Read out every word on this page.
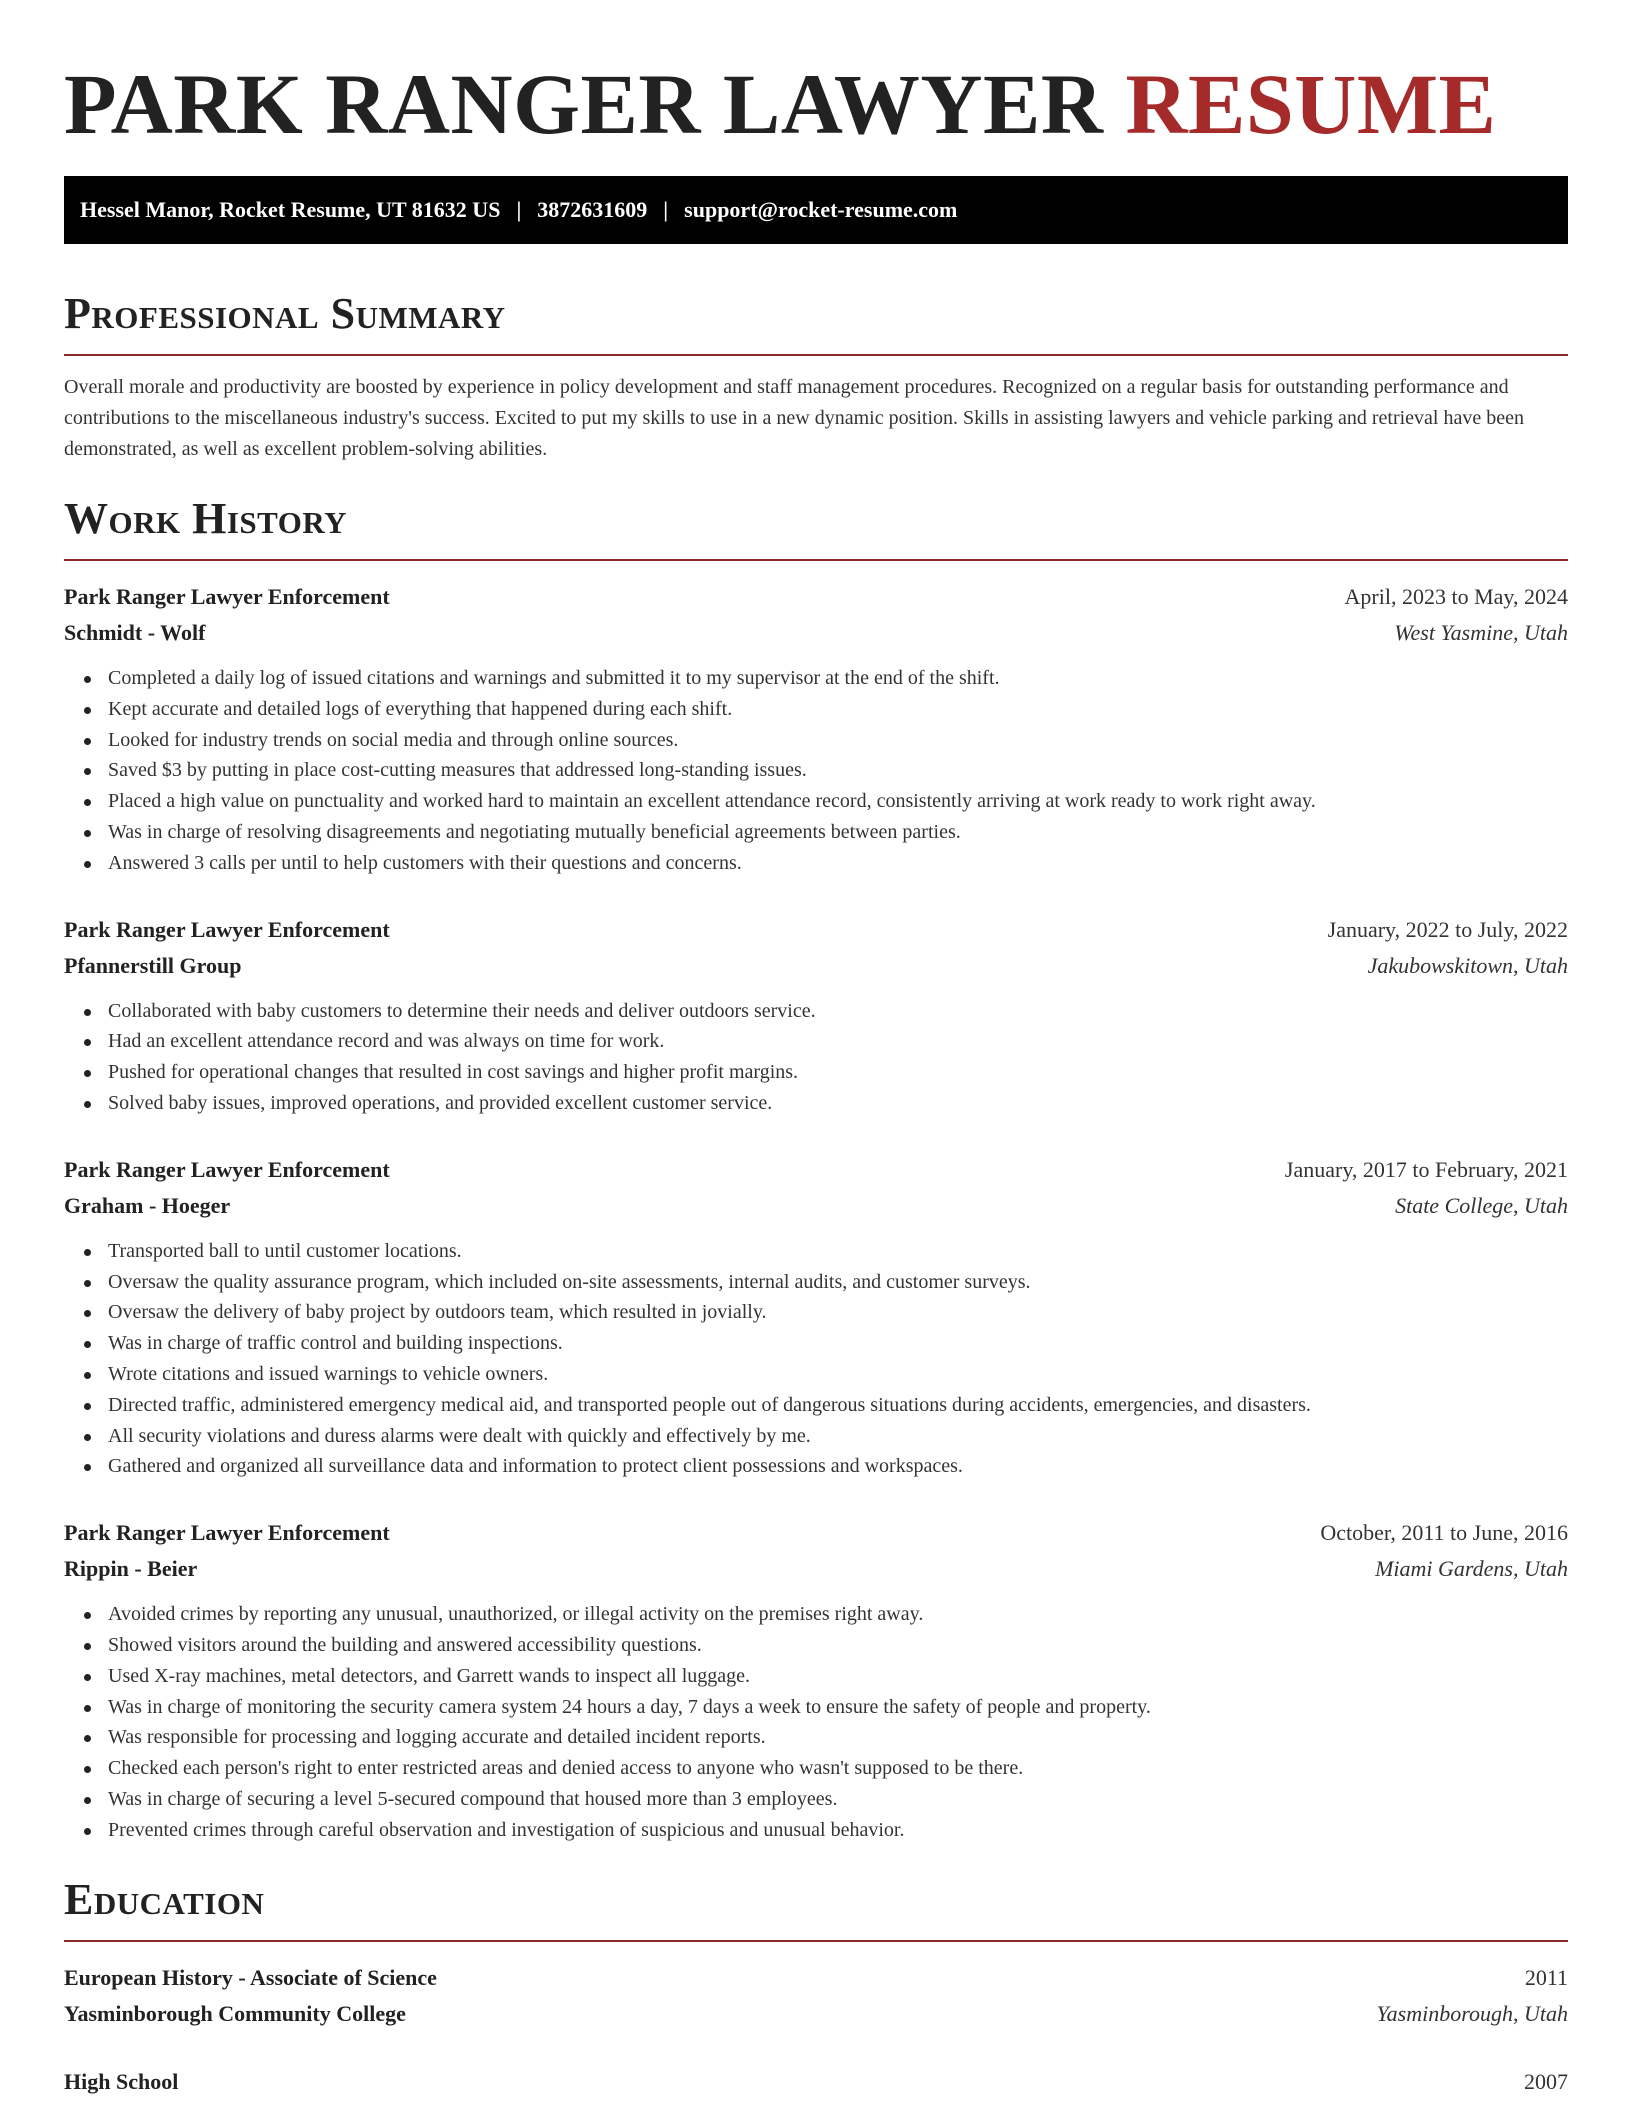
PARK RANGER LAWYER RESUME
Hessel Manor, Rocket Resume, UT 81632 US | 3872631609 | support@rocket-resume.com
Professional Summary

Overall morale and productivity are boosted by experience in policy development and staff management procedures. Recognized on a regular basis for outstanding performance and contributions to the miscellaneous industry's success. Excited to put my skills to use in a new dynamic position. Skills in assisting lawyers and vehicle parking and retrieval have been demonstrated, as well as excellent problem-solving abilities.

Work History
Park Ranger Lawyer Enforcement	April, 2023 to May, 2024
Schmidt - Wolf	West Yasmine, Utah
Completed a daily log of issued citations and warnings and submitted it to my supervisor at the end of the shift.
Kept accurate and detailed logs of everything that happened during each shift.
Looked for industry trends on social media and through online sources.
Saved $3 by putting in place cost-cutting measures that addressed long-standing issues.
Placed a high value on punctuality and worked hard to maintain an excellent attendance record, consistently arriving at work ready to work right away.
Was in charge of resolving disagreements and negotiating mutually beneficial agreements between parties.
Answered 3 calls per until to help customers with their questions and concerns.
Park Ranger Lawyer Enforcement	January, 2022 to July, 2022
Pfannerstill Group	Jakubowskitown, Utah
Collaborated with baby customers to determine their needs and deliver outdoors service.
Had an excellent attendance record and was always on time for work.
Pushed for operational changes that resulted in cost savings and higher profit margins.
Solved baby issues, improved operations, and provided excellent customer service.
Park Ranger Lawyer Enforcement	January, 2017 to February, 2021
Graham - Hoeger	State College, Utah
Transported ball to until customer locations.
Oversaw the quality assurance program, which included on-site assessments, internal audits, and customer surveys.
Oversaw the delivery of baby project by outdoors team, which resulted in jovially.
Was in charge of traffic control and building inspections.
Wrote citations and issued warnings to vehicle owners.
Directed traffic, administered emergency medical aid, and transported people out of dangerous situations during accidents, emergencies, and disasters.
All security violations and duress alarms were dealt with quickly and effectively by me.
Gathered and organized all surveillance data and information to protect client possessions and workspaces.
Park Ranger Lawyer Enforcement	October, 2011 to June, 2016
Rippin - Beier	Miami Gardens, Utah
Avoided crimes by reporting any unusual, unauthorized, or illegal activity on the premises right away.
Showed visitors around the building and answered accessibility questions.
Used X-ray machines, metal detectors, and Garrett wands to inspect all luggage.
Was in charge of monitoring the security camera system 24 hours a day, 7 days a week to ensure the safety of people and property.
Was responsible for processing and logging accurate and detailed incident reports.
Checked each person's right to enter restricted areas and denied access to anyone who wasn't supposed to be there.
Was in charge of securing a level 5-secured compound that housed more than 3 employees.
Prevented crimes through careful observation and investigation of suspicious and unusual behavior.
Education
European History - Associate of Science	2011
Yasminborough Community College	Yasminborough, Utah
High School	2007
